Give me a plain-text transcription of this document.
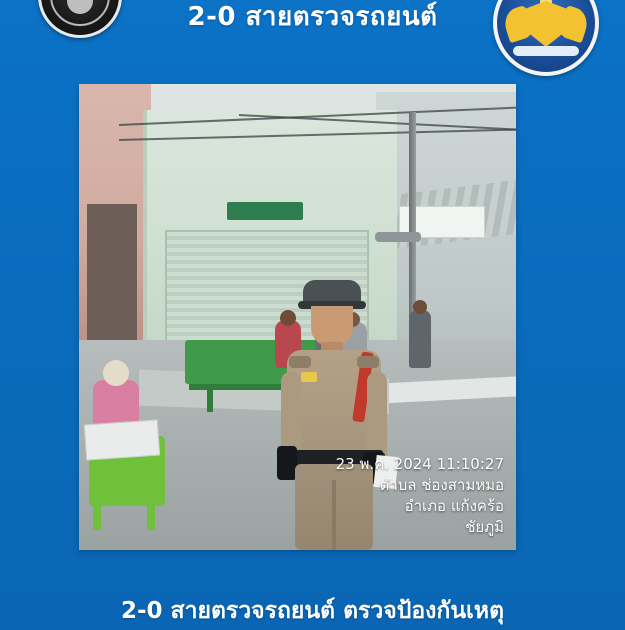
2-0 สายตรวจรถยนต์
23 พ.ค. 2024 11:10:27
ตำบล ช่องสามหมอ
อำเภอ แก้งคร้อ
ชัยภูมิ
2-0 สายตรวจรถยนต์ ตรวจป้องกันเหตุ
